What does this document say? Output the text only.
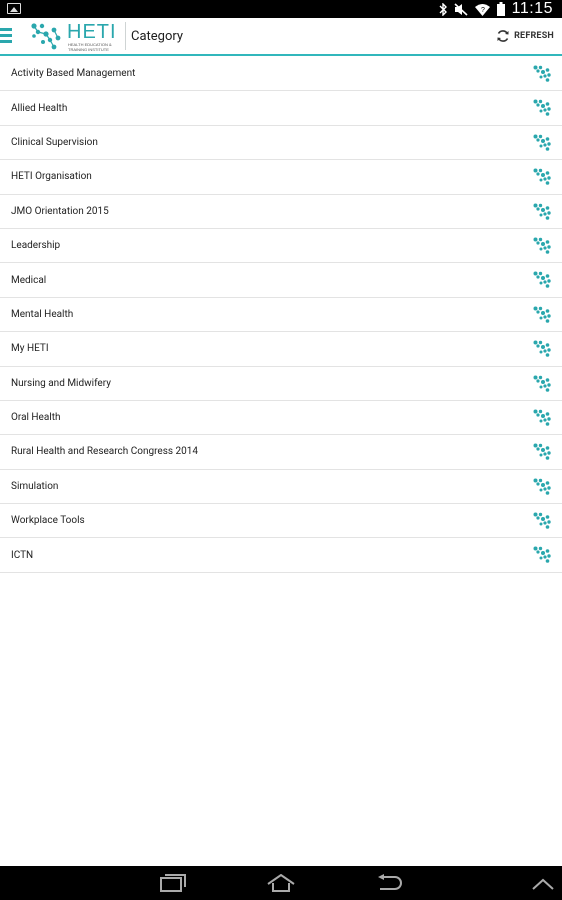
? 11:15
HETI
HEALTH EDUCATION & TRAINING INSTITUTE
Category	REFRESH
Activity Based Management
Allied Health
Clinical Supervision
HETI Organisation
JMO Orientation 2015
Leadership
Medical
Mental Health
My HETI
Nursing and Midwifery
Oral Health
Rural Health and Research Congress 2014
Simulation
Workplace Tools
ICTN
